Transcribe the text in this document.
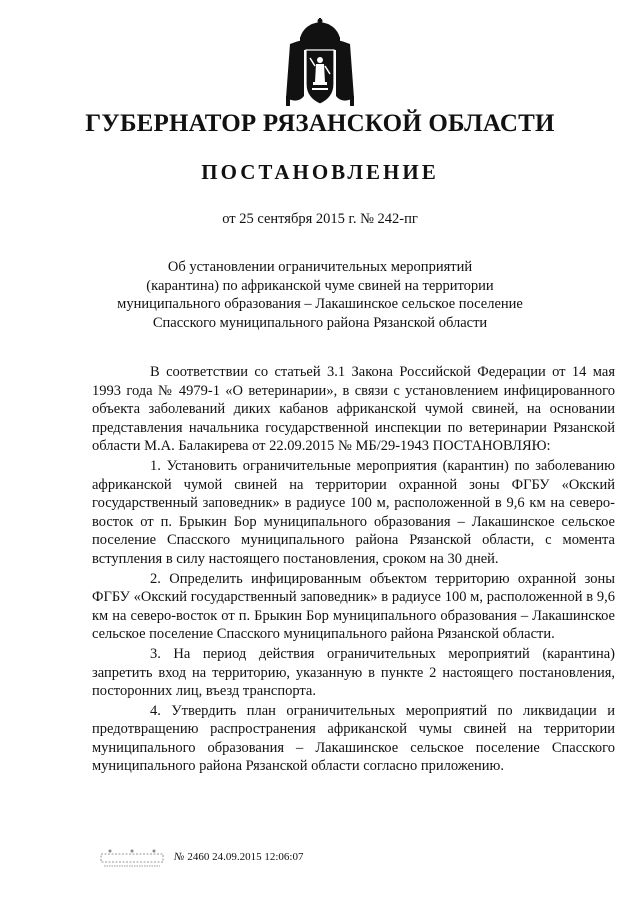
ГУБЕРНАТОР РЯЗАНСКОЙ ОБЛАСТИ
ПОСТАНОВЛЕНИЕ
от 25 сентября 2015 г. № 242-пг
Об установлении ограничительных мероприятий
(карантина) по африканской чуме свиней на территории
муниципального образования – Лакашинское сельское поселение
Спасского муниципального района Рязанской области

В соответствии со статьей 3.1 Закона Российской Федерации от 14 мая 1993 года № 4979-1 «О ветеринарии», в связи с установлением инфицированного объекта заболеваний диких кабанов африканской чумой свиней, на основании представления начальника государственной инспекции по ветеринарии Рязанской области М.А. Балакирева от 22.09.2015 № МБ/29-1943 ПОСТАНОВЛЯЮ:

1. Установить ограничительные мероприятия (карантин) по заболеванию африканской чумой свиней на территории охранной зоны ФГБУ «Окский государственный заповедник» в радиусе 100 м, расположенной в 9,6 км на северо-восток от п. Брыкин Бор муниципального образования – Лакашинское сельское поселение Спасского муниципального района Рязанской области, с момента вступления в силу настоящего постановления, сроком на 30 дней.

2. Определить инфицированным объектом территорию охранной зоны ФГБУ «Окский государственный заповедник» в радиусе 100 м, расположенной в 9,6 км на северо-восток от п. Брыкин Бор муниципального образования – Лакашинское сельское поселение Спасского муниципального района Рязанской области.

3. На период действия ограничительных мероприятий (карантина) запретить вход на территорию, указанную в пункте 2 настоящего постановления, посторонних лиц, въезд транспорта.

4. Утвердить план ограничительных мероприятий по ликвидации и предотвращению распространения африканской чумы свиней на территории муниципального образования – Лакашинское сельское поселение Спасского муниципального района Рязанской области согласно приложению.

№ 2460 24.09.2015 12:06:07
